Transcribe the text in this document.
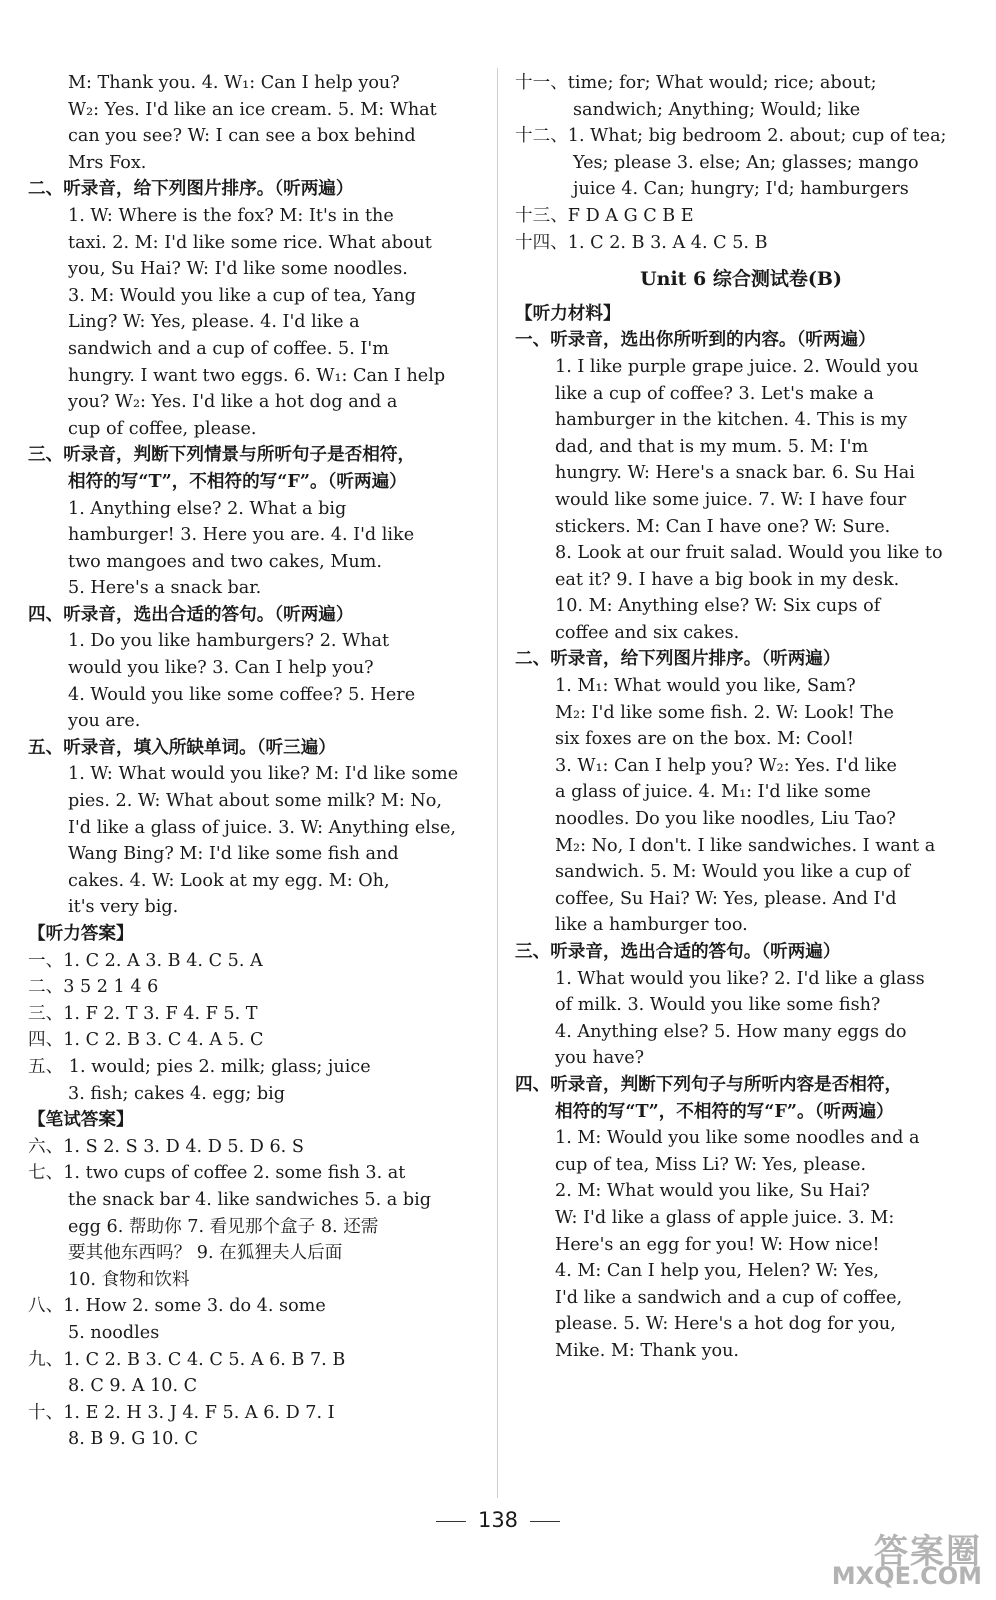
M: Thank you. 4. W₁: Can I help you?
W₂: Yes. I'd like an ice cream. 5. M: What
can you see? W: I can see a box behind
Mrs Fox.
二、听录音，给下列图片排序。（听两遍）
1. W: Where is the fox? M: It's in the
taxi. 2. M: I'd like some rice. What about
you, Su Hai? W: I'd like some noodles.
3. M: Would you like a cup of tea, Yang
Ling? W: Yes, please. 4. I'd like a
sandwich and a cup of coffee. 5. I'm
hungry. I want two eggs. 6. W₁: Can I help
you? W₂: Yes. I'd like a hot dog and a
cup of coffee, please.
三、听录音，判断下列情景与所听句子是否相符，
相符的写“T”，不相符的写“F”。（听两遍）
1. Anything else? 2. What a big
hamburger! 3. Here you are. 4. I'd like
two mangoes and two cakes, Mum.
5. Here's a snack bar.
四、听录音，选出合适的答句。（听两遍）
1. Do you like hamburgers? 2. What
would you like? 3. Can I help you?
4. Would you like some coffee? 5. Here
you are.
五、听录音，填入所缺单词。（听三遍）
1. W: What would you like? M: I'd like some
pies. 2. W: What about some milk? M: No,
I'd like a glass of juice. 3. W: Anything else,
Wang Bing? M: I'd like some fish and
cakes. 4. W: Look at my egg. M: Oh,
it's very big.
【听力答案】
一、1. C 2. A 3. B 4. C 5. A
二、3 5 2 1 4 6
三、1. F 2. T 3. F 4. F 5. T
四、1. C 2. B 3. C 4. A 5. C
五、 1. would; pies 2. milk; glass; juice
3. fish; cakes 4. egg; big
【笔试答案】
六、1. S 2. S 3. D 4. D 5. D 6. S
七、1. two cups of coffee 2. some fish 3. at
the snack bar 4. like sandwiches 5. a big
egg 6. 帮助你 7. 看见那个盒子 8. 还需
要其他东西吗？ 9. 在狐狸夫人后面
10. 食物和饮料
八、1. How 2. some 3. do 4. some
5. noodles
九、1. C 2. B 3. C 4. C 5. A 6. B 7. B
8. C 9. A 10. C
十、1. E 2. H 3. J 4. F 5. A 6. D 7. I
8. B 9. G 10. C
十一、time; for; What would; rice; about;
sandwich; Anything; Would; like
十二、1. What; big bedroom 2. about; cup of tea;
Yes; please 3. else; An; glasses; mango
juice 4. Can; hungry; I'd; hamburgers
十三、F D A G C B E
十四、1. C 2. B 3. A 4. C 5. B
Unit 6 综合测试卷(B)
【听力材料】
一、听录音，选出你所听到的内容。（听两遍）
1. I like purple grape juice. 2. Would you
like a cup of coffee? 3. Let's make a
hamburger in the kitchen. 4. This is my
dad, and that is my mum. 5. M: I'm
hungry. W: Here's a snack bar. 6. Su Hai
would like some juice. 7. W: I have four
stickers. M: Can I have one? W: Sure.
8. Look at our fruit salad. Would you like to
eat it? 9. I have a big book in my desk.
10. M: Anything else? W: Six cups of
coffee and six cakes.
二、听录音，给下列图片排序。（听两遍）
1. M₁: What would you like, Sam?
M₂: I'd like some fish. 2. W: Look! The
six foxes are on the box. M: Cool!
3. W₁: Can I help you? W₂: Yes. I'd like
a glass of juice. 4. M₁: I'd like some
noodles. Do you like noodles, Liu Tao?
M₂: No, I don't. I like sandwiches. I want a
sandwich. 5. M: Would you like a cup of
coffee, Su Hai? W: Yes, please. And I'd
like a hamburger too.
三、听录音，选出合适的答句。（听两遍）
1. What would you like? 2. I'd like a glass
of milk. 3. Would you like some fish?
4. Anything else? 5. How many eggs do
you have?
四、听录音，判断下列句子与所听内容是否相符，
相符的写“T”，不相符的写“F”。（听两遍）
1. M: Would you like some noodles and a
cup of tea, Miss Li? W: Yes, please.
2. M: What would you like, Su Hai?
W: I'd like a glass of apple juice. 3. M:
Here's an egg for you! W: How nice!
4. M: Can I help you, Helen? W: Yes,
I'd like a sandwich and a cup of coffee,
please. 5. W: Here's a hot dog for you,
Mike. M: Thank you.
138
答案圈
MXQE.COM
